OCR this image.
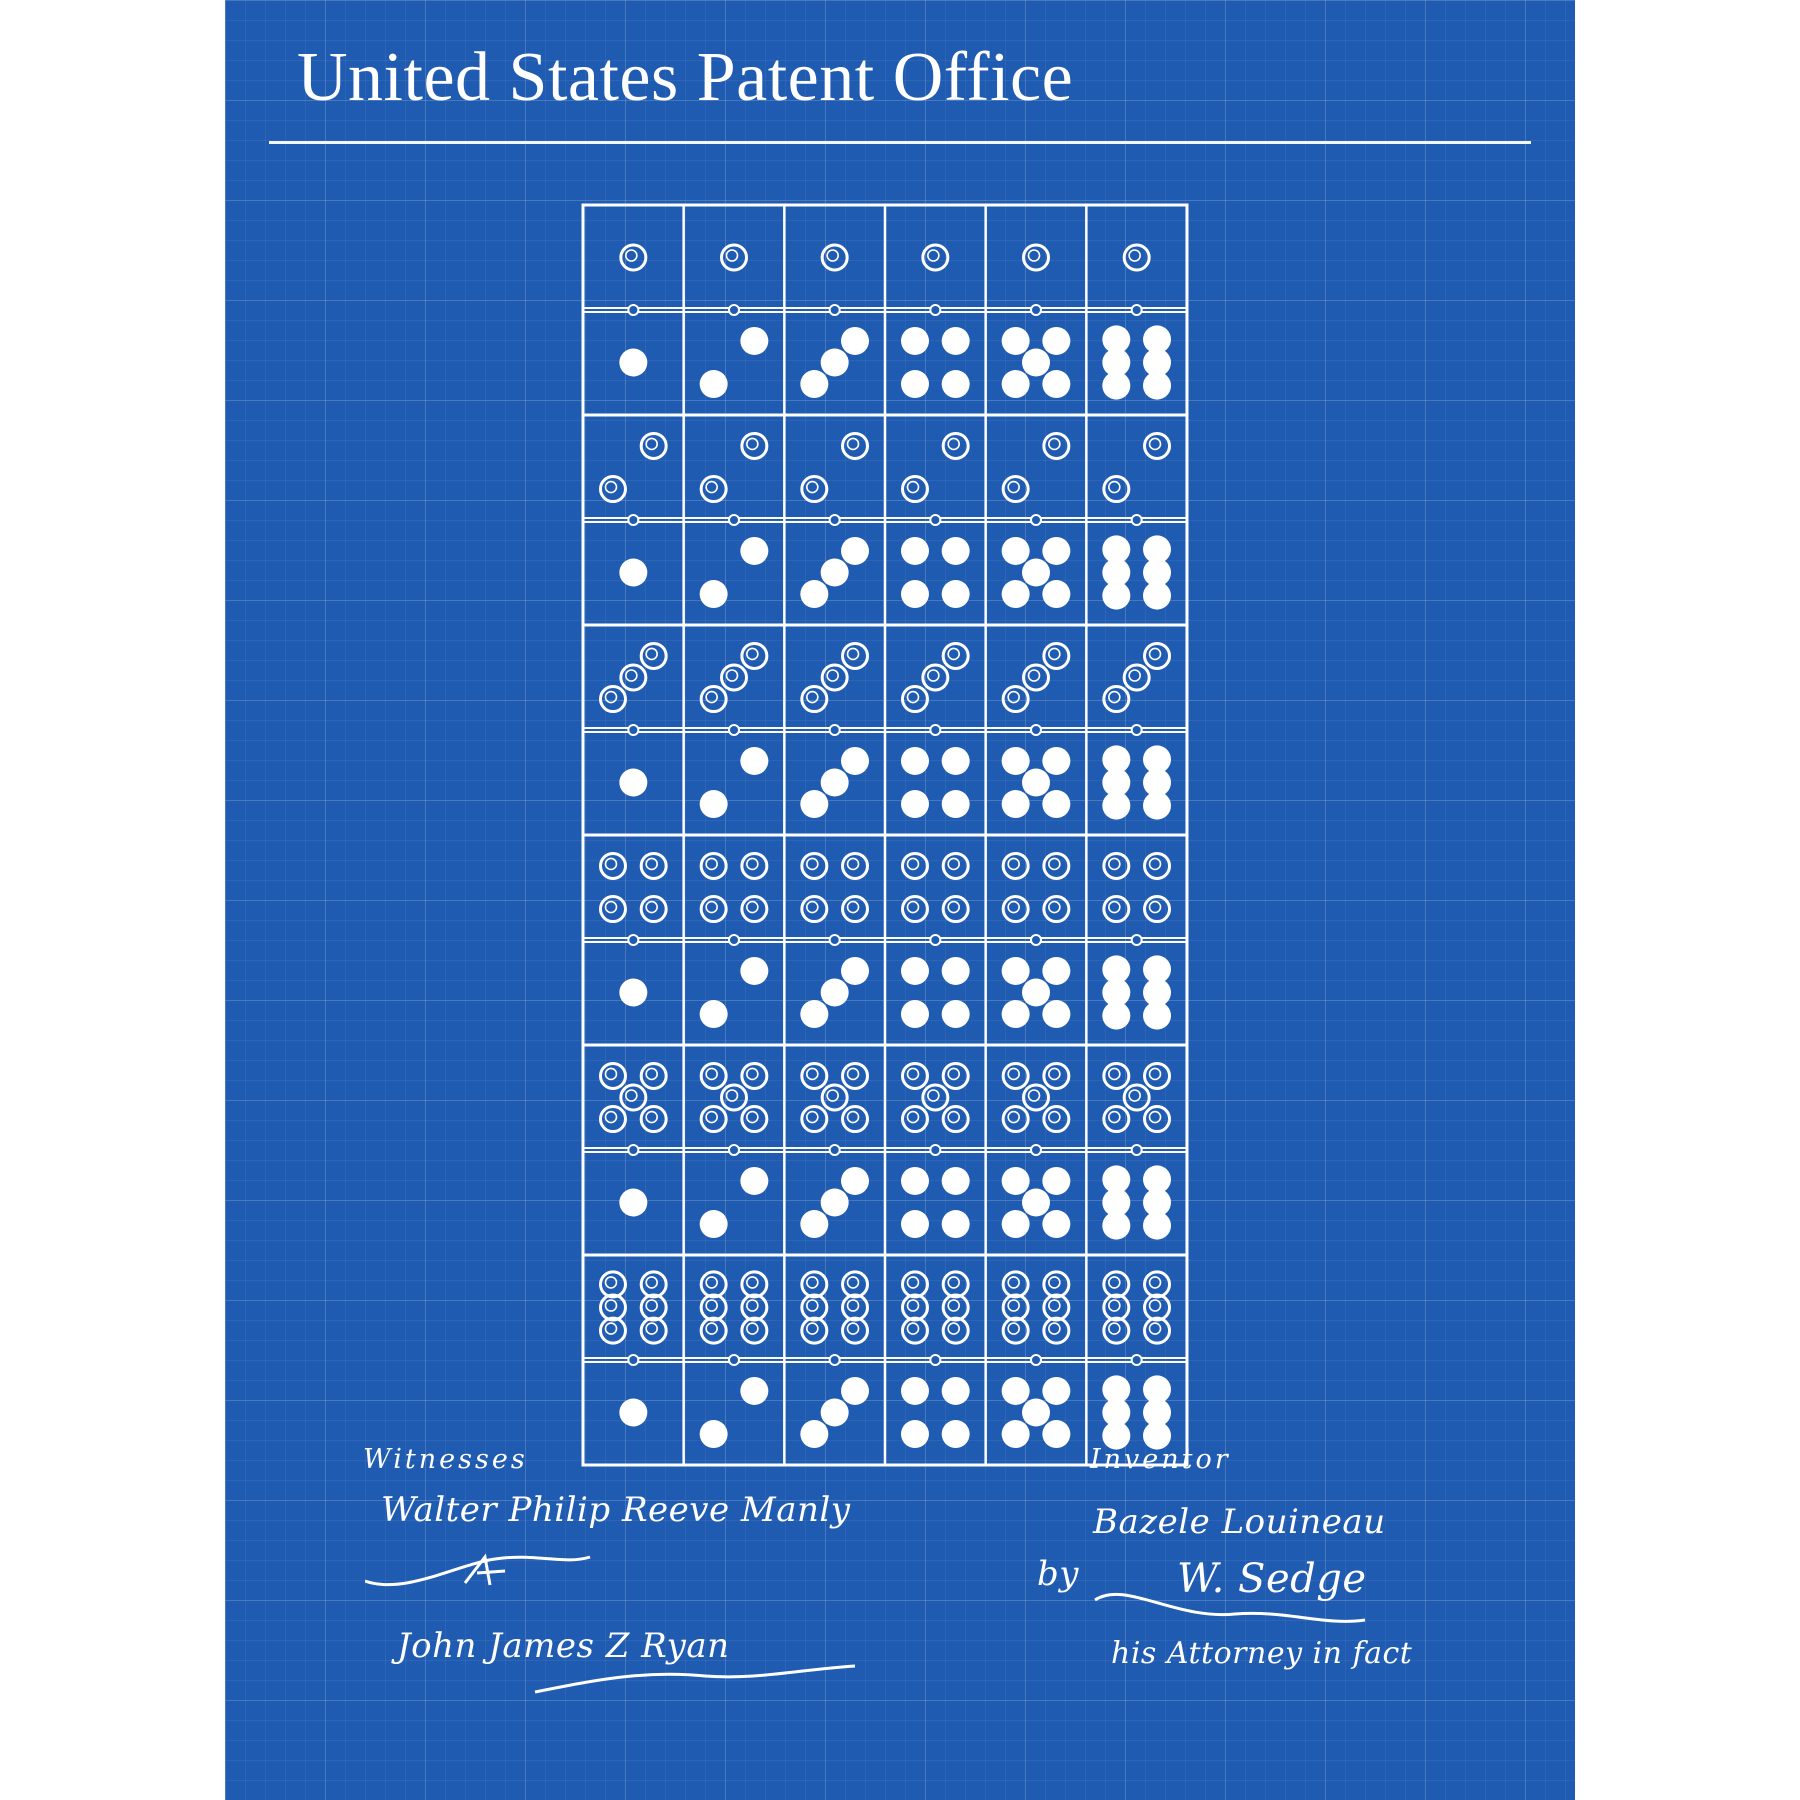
United States Patent Office
Witnesses
Walter Philip Reeve Manly
John James Z Ryan
Inventor
Bazele Louineau
by W. Sedge
his Attorney in fact
